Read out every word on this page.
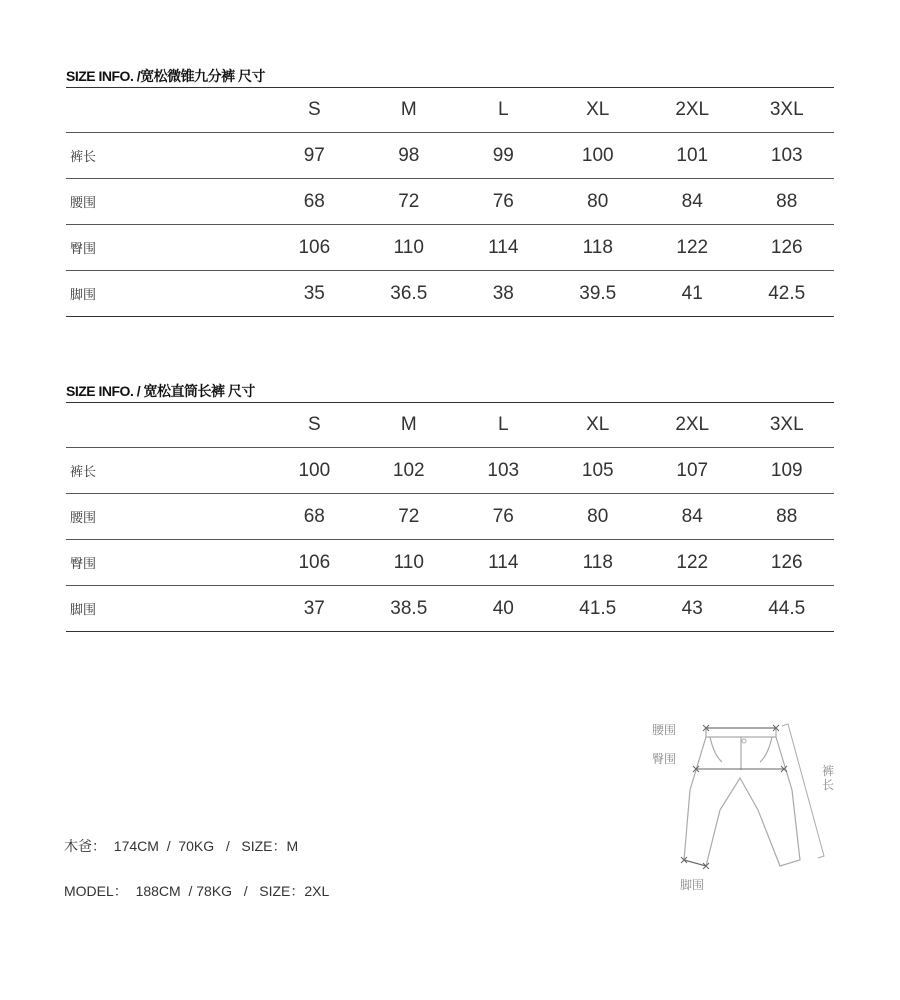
SIZE INFO. /宽松微锥九分裤 尺寸
	S	M	L	XL	2XL	3XL
裤长	97	98	99	100	101	103
腰围	68	72	76	80	84	88
臀围	106	110	114	118	122	126
脚围	35	36.5	38	39.5	41	42.5
SIZE INFO. / 宽松直筒长裤 尺寸
	S	M	L	XL	2XL	3XL
裤长	100	102	103	105	107	109
腰围	68	72	76	80	84	88
臀围	106	110	114	118	122	126
脚围	37	38.5	40	41.5	43	44.5
木爸：  174CM  /  70KG   /   SIZE：M
MODEL：  188CM  / 78KG   /   SIZE：2XL
腰围
臀围
裤长
脚围
